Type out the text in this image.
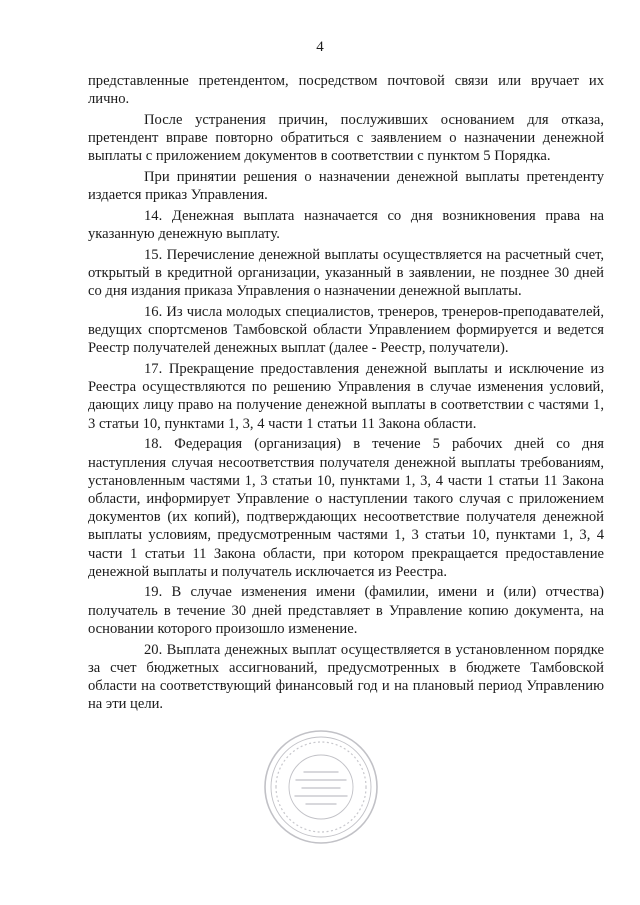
4

представленные претендентом, посредством почтовой связи или вручает их лично.

После устранения причин, послуживших основанием для отказа, претендент вправе повторно обратиться с заявлением о назначении денежной выплаты с приложением документов в соответствии с пунктом 5 Порядка.

При принятии решения о назначении денежной выплаты претенденту издается приказ Управления.

14. Денежная выплата назначается со дня возникновения права на указанную денежную выплату.

15. Перечисление денежной выплаты осуществляется на расчетный счет, открытый в кредитной организации, указанный в заявлении, не позднее 30 дней со дня издания приказа Управления о назначении денежной выплаты.

16. Из числа молодых специалистов, тренеров, тренеров-преподавателей, ведущих спортсменов Тамбовской области Управлением формируется и ведется Реестр получателей денежных выплат (далее - Реестр, получатели).

17. Прекращение предоставления денежной выплаты и исключение из Реестра осуществляются по решению Управления в случае изменения условий, дающих лицу право на получение денежной выплаты в соответствии с частями 1, 3 статьи 10, пунктами 1, 3, 4 части 1 статьи 11 Закона области.

18. Федерация (организация) в течение 5 рабочих дней со дня наступления случая несоответствия получателя денежной выплаты требованиям, установленным частями 1, 3 статьи 10, пунктами 1, 3, 4 части 1 статьи 11 Закона области, информирует Управление о наступлении такого случая с приложением документов (их копий), подтверждающих несоответствие получателя денежной выплаты условиям, предусмотренным частями 1, 3 статьи 10, пунктами 1, 3, 4 части 1 статьи 11 Закона области, при котором прекращается предоставление денежной выплаты и получатель исключается из Реестра.

19. В случае изменения имени (фамилии, имени и (или) отчества) получатель в течение 30 дней представляет в Управление копию документа, на основании которого произошло изменение.

20. Выплата денежных выплат осуществляется в установленном порядке за счет бюджетных ассигнований, предусмотренных в бюджете Тамбовской области на соответствующий финансовый год и на плановый период Управлению на эти цели.
